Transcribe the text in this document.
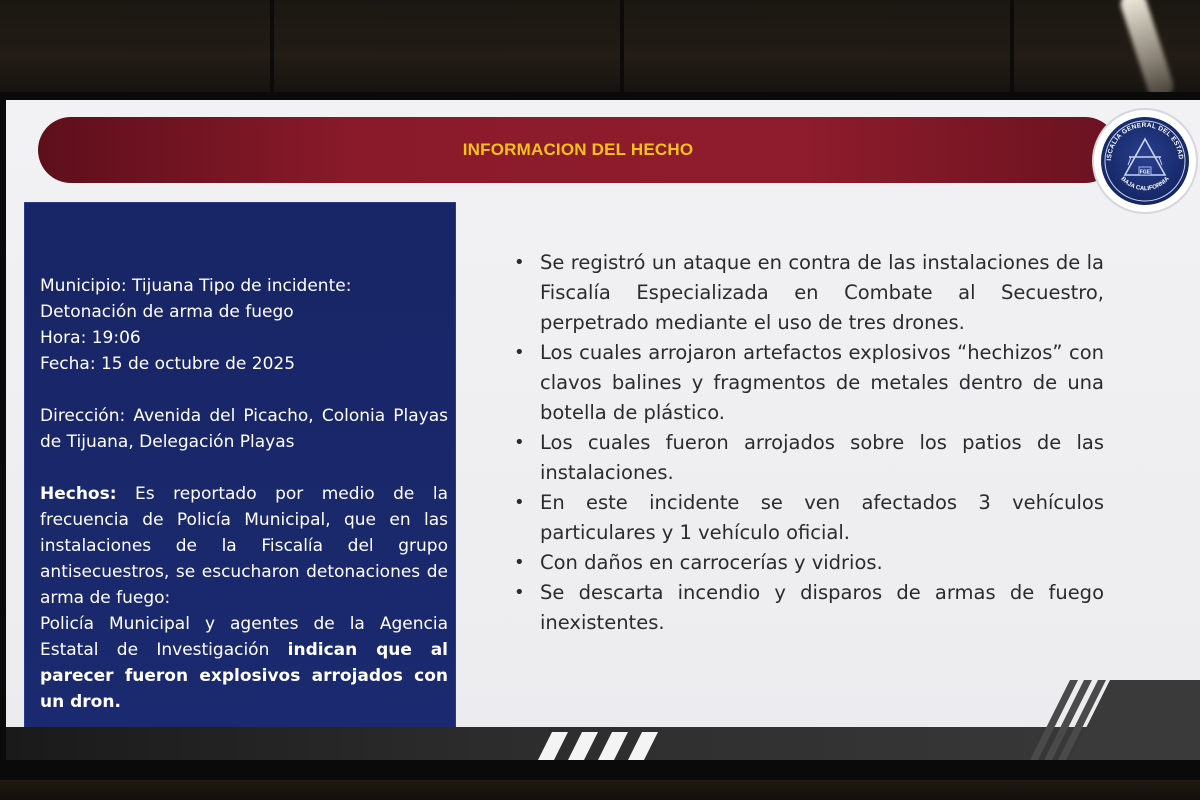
INFORMACION DEL HECHO
ISCALÍA GENERAL DEL ESTAD
BAJA CALIFORNIA
FGE

Municipio: Tijuana Tipo de incidente:

Detonación de arma de fuego

Hora: 19:06

Fecha: 15 de octubre de 2025

Dirección: Avenida del Picacho, Colonia Playas de Tijuana, Delegación Playas

Hechos: Es reportado por medio de la frecuencia de Policía Municipal, que en las instalaciones de la Fiscalía del grupo antisecuestros, se escucharon detonaciones de arma de fuego:

Policía Municipal y agentes de la Agencia Estatal de Investigación indican que al parecer fueron explosivos arrojados con un dron.

• Se registró un ataque en contra de las instalaciones de la Fiscalía Especializada en Combate al Secuestro, perpetrado mediante el uso de tres drones.
• Los cuales arrojaron artefactos explosivos “hechizos” con clavos balines y fragmentos de metales dentro de una botella de plástico.
• Los cuales fueron arrojados sobre los patios de las instalaciones.
• En este incidente se ven afectados 3 vehículos particulares y 1 vehículo oficial.
• Con daños en carrocerías y vidrios.
• Se descarta incendio y disparos de armas de fuego inexistentes.
